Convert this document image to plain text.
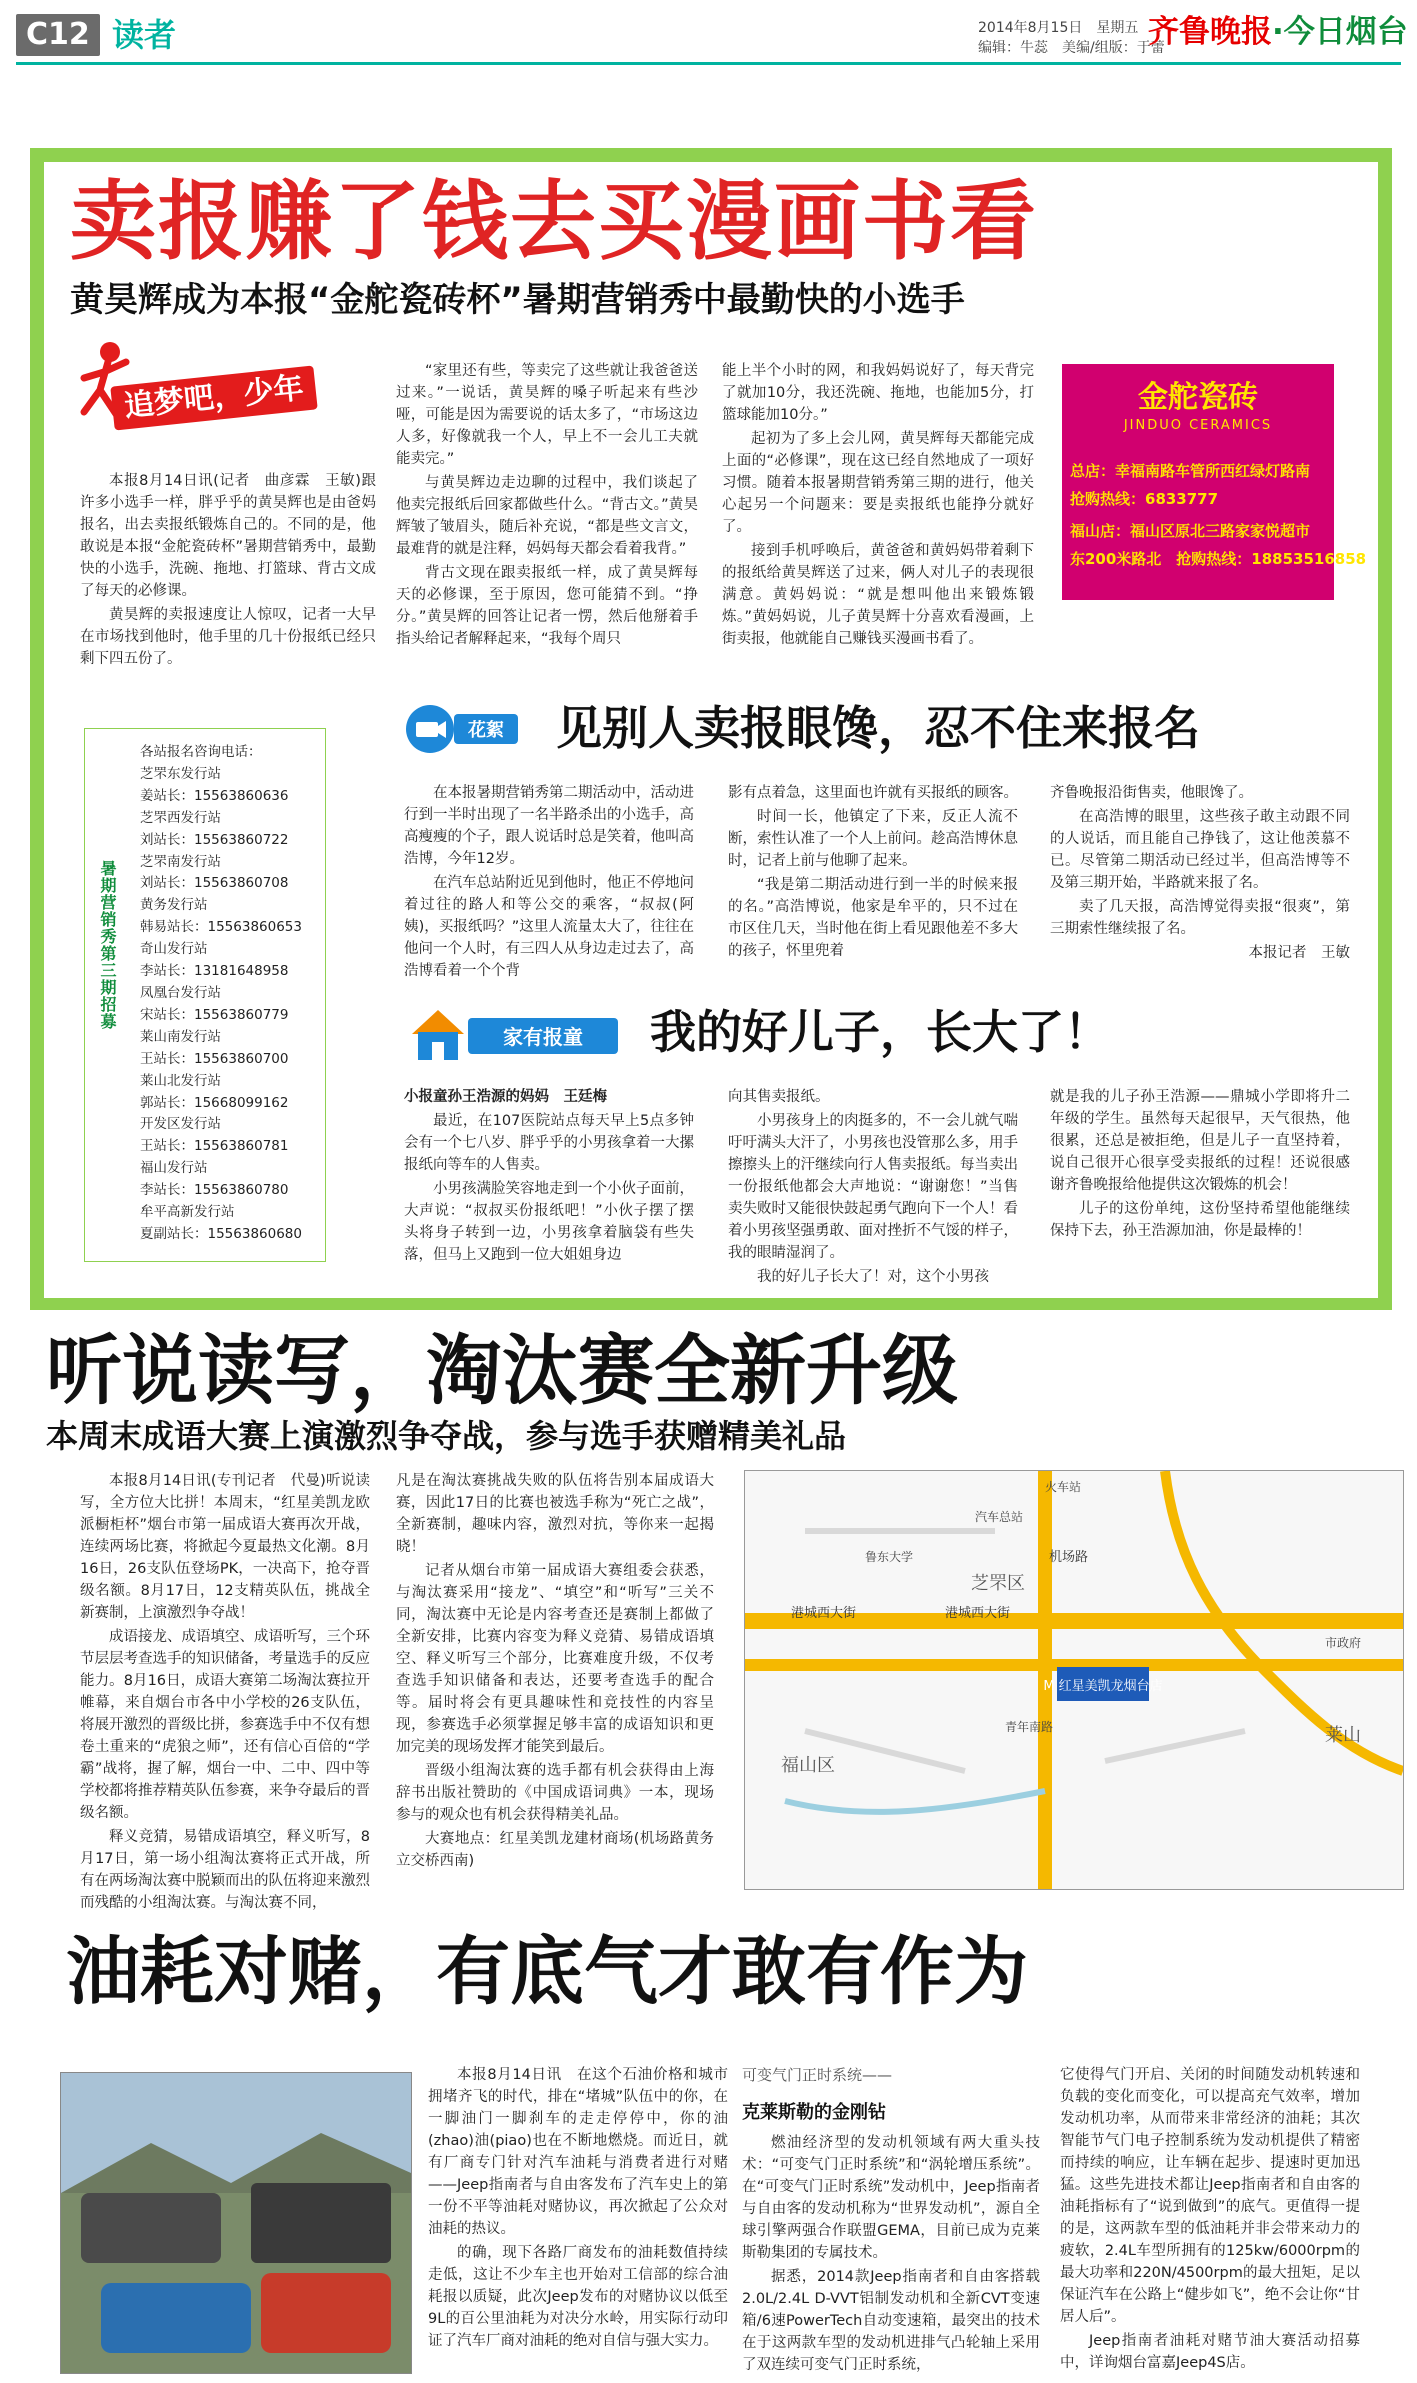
C12 读者	2014年8月15日　星期五
编辑：牛蕊　美编/组版：于蕾
齐鲁晚报 ·今日烟台
卖报赚了钱去买漫画书看
黄昊辉成为本报“金舵瓷砖杯”暑期营销秀中最勤快的小选手
追梦吧，少年

本报8月14日讯(记者　曲彦霖　王敏)跟许多小选手一样，胖乎乎的黄昊辉也是由爸妈报名，出去卖报纸锻炼自己的。不同的是，他敢说是本报“金舵瓷砖杯”暑期营销秀中，最勤快的小选手，洗碗、拖地、打篮球、背古文成了每天的必修课。

黄昊辉的卖报速度让人惊叹，记者一大早在市场找到他时，他手里的几十份报纸已经只剩下四五份了。

“家里还有些，等卖完了这些就让我爸爸送过来。”一说话，黄昊辉的嗓子听起来有些沙哑，可能是因为需要说的话太多了，“市场这边人多，好像就我一个人，早上不一会儿工夫就能卖完。”

与黄昊辉边走边聊的过程中，我们谈起了他卖完报纸后回家都做些什么。“背古文。”黄昊辉皱了皱眉头，随后补充说，“都是些文言文，最难背的就是注释，妈妈每天都会看着我背。”

背古文现在跟卖报纸一样，成了黄昊辉每天的必修课，至于原因，您可能猜不到。“挣分。”黄昊辉的回答让记者一愣，然后他掰着手指头给记者解释起来，“我每个周只

能上半个小时的网，和我妈妈说好了，每天背完了就加10分，我还洗碗、拖地，也能加5分，打篮球能加10分。”

起初为了多上会儿网，黄昊辉每天都能完成上面的“必修课”，现在这已经自然地成了一项好习惯。随着本报暑期营销秀第三期的进行，他关心起另一个问题来：要是卖报纸也能挣分就好了。

接到手机呼唤后，黄爸爸和黄妈妈带着剩下的报纸给黄昊辉送了过来，俩人对儿子的表现很满意。黄妈妈说：“就是想叫他出来锻炼锻炼。”黄妈妈说，儿子黄昊辉十分喜欢看漫画，上街卖报，他就能自己赚钱买漫画书看了。

金舵瓷砖
JINDUO CERAMICS
总店：幸福南路车管所西红绿灯路南
抢购热线：6833777
福山店：福山区原北三路家家悦超市
东200米路北　抢购热线：18853516858
暑期营销秀第三期招募
各站报名咨询电话：
芝罘东发行站
姜站长：15563860636
芝罘西发行站
刘站长：15563860722
芝罘南发行站
刘站长：15563860708
黄务发行站
韩易站长：15563860653
奇山发行站
李站长：13181648958
凤凰台发行站
宋站长：15563860779
莱山南发行站
王站长：15563860700
莱山北发行站
郭站长：15668099162
开发区发行站
王站长：15563860781
福山发行站
李站长：15563860780
牟平高新发行站
夏副站长：15563860680
花絮 见别人卖报眼馋，忍不住来报名

在本报暑期营销秀第二期活动中，活动进行到一半时出现了一名半路杀出的小选手，高高瘦瘦的个子，跟人说话时总是笑着，他叫高浩博，今年12岁。

在汽车总站附近见到他时，他正不停地问着过往的路人和等公交的乘客，“叔叔(阿姨)，买报纸吗？”这里人流量太大了，往往在他问一个人时，有三四人从身边走过去了，高浩博看着一个个背

影有点着急，这里面也许就有买报纸的顾客。

时间一长，他镇定了下来，反正人流不断，索性认准了一个人上前问。趁高浩博休息时，记者上前与他聊了起来。

“我是第二期活动进行到一半的时候来报的名。”高浩博说，他家是牟平的，只不过在市区住几天，当时他在街上看见跟他差不多大的孩子，怀里兜着

齐鲁晚报沿街售卖，他眼馋了。

在高浩博的眼里，这些孩子敢主动跟不同的人说话，而且能自己挣钱了，这让他羡慕不已。尽管第二期活动已经过半，但高浩博等不及第三期开始，半路就来报了名。

卖了几天报，高浩博觉得卖报“很爽”，第三期索性继续报了名。

本报记者　王敏

家有报童 我的好儿子，长大了！

小报童孙王浩源的妈妈　王廷梅

最近，在107医院站点每天早上5点多钟会有一个七八岁、胖乎乎的小男孩拿着一大摞报纸向等车的人售卖。

小男孩满脸笑容地走到一个小伙子面前，大声说：“叔叔买份报纸吧！”小伙子摆了摆头将身子转到一边，小男孩拿着脑袋有些失落，但马上又跑到一位大姐姐身边

向其售卖报纸。

小男孩身上的肉挺多的，不一会儿就气喘吁吁满头大汗了，小男孩也没管那么多，用手擦擦头上的汗继续向行人售卖报纸。每当卖出一份报纸他都会大声地说：“谢谢您！”当售卖失败时又能很快鼓起勇气跑向下一个人！看着小男孩坚强勇敢、面对挫折不气馁的样子，我的眼睛湿润了。

我的好儿子长大了！对，这个小男孩

就是我的儿子孙王浩源——鼎城小学即将升二年级的学生。虽然每天起很早，天气很热，他很累，还总是被拒绝，但是儿子一直坚持着，说自己很开心很享受卖报纸的过程！还说很感谢齐鲁晚报给他提供这次锻炼的机会！

儿子的这份单纯，这份坚持希望他能继续保持下去，孙王浩源加油，你是最棒的！

听说读写，淘汰赛全新升级
本周末成语大赛上演激烈争夺战，参与选手获赠精美礼品

本报8月14日讯(专刊记者　代曼)听说读写，全方位大比拼！本周末，“红星美凯龙欧派橱柜杯”烟台市第一届成语大赛再次开战，连续两场比赛，将掀起今夏最热文化潮。8月16日，26支队伍登场PK，一决高下，抢夺晋级名额。8月17日，12支精英队伍，挑战全新赛制，上演激烈争夺战！

成语接龙、成语填空、成语听写，三个环节层层考查选手的知识储备，考量选手的反应能力。8月16日，成语大赛第二场淘汰赛拉开帷幕，来自烟台市各中小学校的26支队伍，将展开激烈的晋级比拼，参赛选手中不仅有想卷土重来的“虎狼之师”，还有信心百倍的“学霸”战将，握了解，烟台一中、二中、四中等学校都将推荐精英队伍参赛，来争夺最后的晋级名额。

释义竞猜，易错成语填空，释义听写，8月17日，第一场小组淘汰赛将正式开战，所有在两场淘汰赛中脱颖而出的队伍将迎来激烈而残酷的小组淘汰赛。与淘汰赛不同，

凡是在淘汰赛挑战失败的队伍将告别本届成语大赛，因此17日的比赛也被选手称为“死亡之战”，全新赛制，趣味内容，激烈对抗，等你来一起揭晓！

记者从烟台市第一届成语大赛组委会获悉，与淘汰赛采用“接龙”、“填空”和“听写”三关不同，淘汰赛中无论是内容考查还是赛制上都做了全新安排，比赛内容变为释义竞猜、易错成语填空、释义听写三个部分，比赛难度升级，不仅考查选手知识储备和表达，还要考查选手的配合等。届时将会有更具趣味性和竞技性的内容呈现，参赛选手必须掌握足够丰富的成语知识和更加完美的现场发挥才能笑到最后。

晋级小组淘汰赛的选手都有机会获得由上海辞书出版社赞助的《中国成语词典》一本，现场参与的观众也有机会获得精美礼品。

大赛地点：红星美凯龙建材商场(机场路黄务立交桥西南)

M 红星美凯龙烟台店
芝罘区
福山区
莱山
港城西大街	港城西大街
机场路
火车站
汽车总站
市政府
青年南路
鲁东大学
油耗对赌，有底气才敢有作为

本报8月14日讯　在这个石油价格和城市拥堵齐飞的时代，排在“堵城”队伍中的你，在一脚油门一脚刹车的走走停停中，你的油(zhao)油(piao)也在不断地燃烧。而近日，就有厂商专门针对汽车油耗与消费者进行对赌——Jeep指南者与自由客发布了汽车史上的第一份不平等油耗对赌协议，再次掀起了公众对油耗的热议。

的确，现下各路厂商发布的油耗数值持续走低，这让不少车主也开始对工信部的综合油耗报以质疑，此次Jeep发布的对赌协议以低至9L的百公里油耗为对决分水岭，用实际行动印证了汽车厂商对油耗的绝对自信与强大实力。

可变气门正时系统——
克莱斯勒的金刚钻

燃油经济型的发动机领域有两大重头技术：“可变气门正时系统”和“涡轮增压系统”。在“可变气门正时系统”发动机中，Jeep指南者与自由客的发动机称为“世界发动机”，源自全球引擎两强合作联盟GEMA，目前已成为克莱斯勒集团的专属技术。

据悉，2014款Jeep指南者和自由客搭载2.0L/2.4L D-VVT铝制发动机和全新CVT变速箱/6速PowerTech自动变速箱，最突出的技术在于这两款车型的发动机进排气凸轮轴上采用了双连续可变气门正时系统，

它使得气门开启、关闭的时间随发动机转速和负载的变化而变化，可以提高充气效率，增加发动机功率，从而带来非常经济的油耗；其次智能节气门电子控制系统为发动机提供了精密而持续的响应，让车辆在起步、提速时更加迅猛。这些先进技术都让Jeep指南者和自由客的油耗指标有了“说到做到”的底气。更值得一提的是，这两款车型的低油耗并非会带来动力的疲软，2.4L车型所拥有的125kw/6000rpm的最大功率和220N/4500rpm的最大扭矩，足以保证汽车在公路上“健步如飞”，绝不会让你“甘居人后”。

Jeep指南者油耗对赌节油大赛活动招募中，详询烟台富嘉Jeep4S店。
